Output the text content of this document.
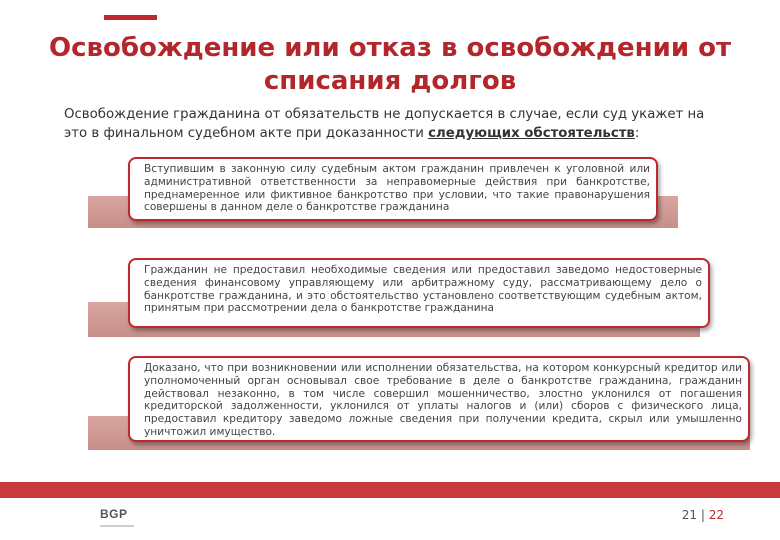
Освобождение или отказ в освобождении от списания долгов

Освобождение гражданина от обязательств не допускается в случае, если суд укажет на это в финальном судебном акте при доказанности следующих обстоятельств:

Вступившим в законную силу судебным актом гражданин привлечен к уголовной или административной ответственности за неправомерные действия при банкротстве, преднамеренное или фиктивное банкротство при условии, что такие правонарушения совершены в данном деле о банкротстве гражданина
Гражданин не предоставил необходимые сведения или предоставил заведомо недостоверные сведения финансовому управляющему или арбитражному суду, рассматривающему дело о банкротстве гражданина, и это обстоятельство установлено соответствующим судебным актом, принятым при рассмотрении дела о банкротстве гражданина
Доказано, что при возникновении или исполнении обязательства, на котором конкурсный кредитор или уполномоченный орган основывал свое требование в деле о банкротстве гражданина, гражданин действовал незаконно, в том числе совершил мошенничество, злостно уклонился от погашения кредиторской задолженности, уклонился от уплаты налогов и (или) сборов с физического лица, предоставил кредитору заведомо ложные сведения при получении кредита, скрыл или умышленно уничтожил имущество.
BGP	21 | 22
